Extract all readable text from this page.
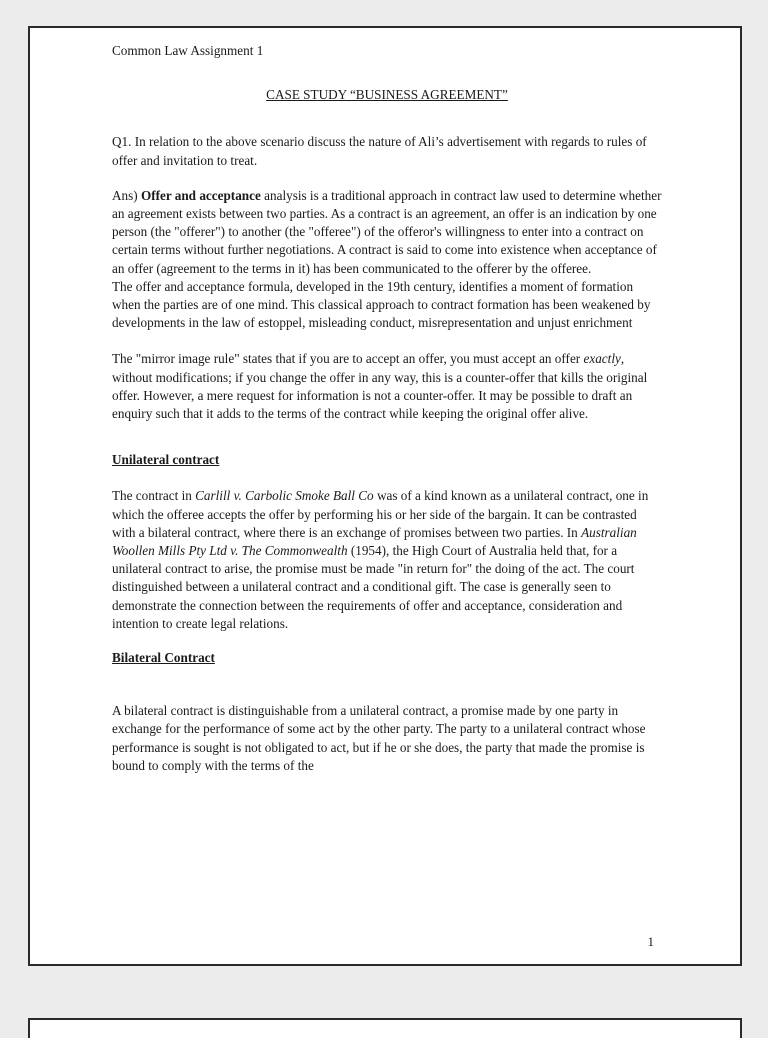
Common Law Assignment 1

CASE STUDY “BUSINESS AGREEMENT”

Q1. In relation to the above scenario discuss the nature of Ali’s advertisement with regards to rules of offer and invitation to treat.

Ans) Offer and acceptance analysis is a traditional approach in contract law used to determine whether an agreement exists between two parties. As a contract is an agreement, an offer is an indication by one person (the "offerer") to another (the "offeree") of the offeror's willingness to enter into a contract on certain terms without further negotiations. A contract is said to come into existence when acceptance of an offer (agreement to the terms in it) has been communicated to the offerer by the offeree.

The offer and acceptance formula, developed in the 19th century, identifies a moment of formation when the parties are of one mind. This classical approach to contract formation has been weakened by developments in the law of estoppel, misleading conduct, misrepresentation and unjust enrichment

The "mirror image rule" states that if you are to accept an offer, you must accept an offer exactly, without modifications; if you change the offer in any way, this is a counter-offer that kills the original offer. However, a mere request for information is not a counter-offer. It may be possible to draft an enquiry such that it adds to the terms of the contract while keeping the original offer alive.

Unilateral contract

The contract in Carlill v. Carbolic Smoke Ball Co was of a kind known as a unilateral contract, one in which the offeree accepts the offer by performing his or her side of the bargain. It can be contrasted with a bilateral contract, where there is an exchange of promises between two parties. In Australian Woollen Mills Pty Ltd v. The Commonwealth (1954), the High Court of Australia held that, for a unilateral contract to arise, the promise must be made "in return for" the doing of the act. The court distinguished between a unilateral contract and a conditional gift. The case is generally seen to demonstrate the connection between the requirements of offer and acceptance, consideration and intention to create legal relations.

Bilateral Contract

A bilateral contract is distinguishable from a unilateral contract, a promise made by one party in exchange for the performance of some act by the other party. The party to a unilateral contract whose performance is sought is not obligated to act, but if he or she does, the party that made the promise is bound to comply with the terms of the

1
